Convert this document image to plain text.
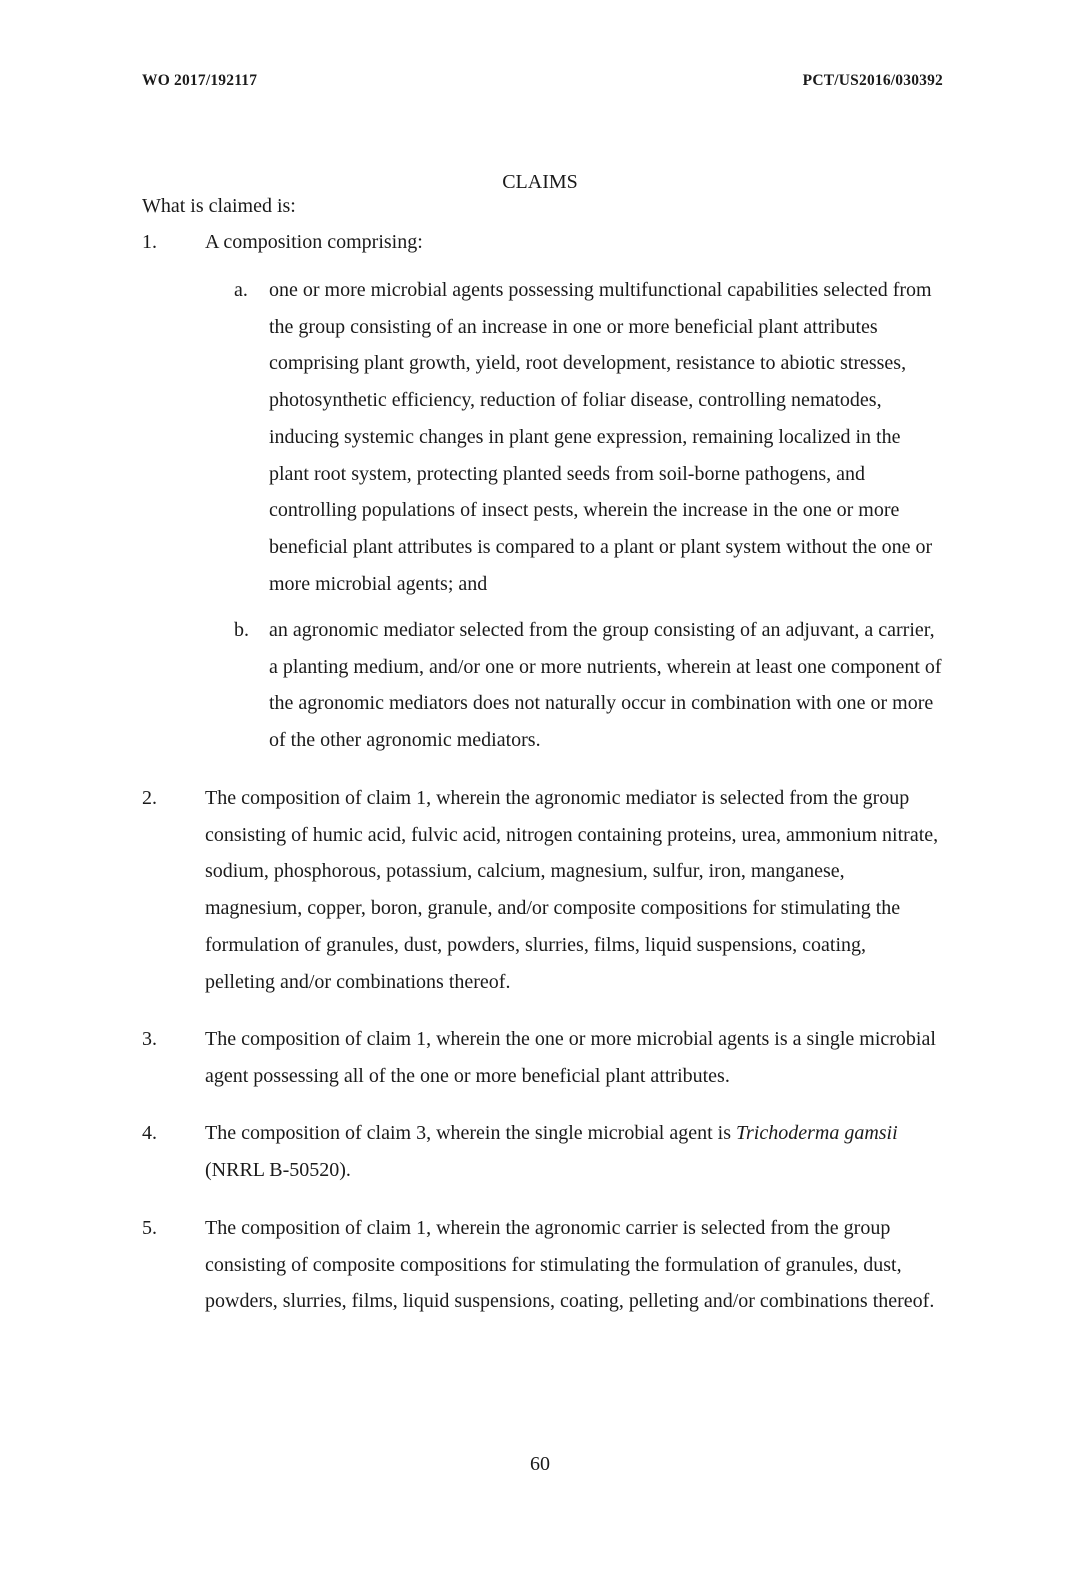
WO 2017/192117	PCT/US2016/030392
CLAIMS
What is claimed is:
1. A composition comprising:
a. one or more microbial agents possessing multifunctional capabilities selected from the group consisting of an increase in one or more beneficial plant attributes comprising plant growth, yield, root development, resistance to abiotic stresses, photosynthetic efficiency, reduction of foliar disease, controlling nematodes, inducing systemic changes in plant gene expression, remaining localized in the plant root system, protecting planted seeds from soil-borne pathogens, and controlling populations of insect pests, wherein the increase in the one or more beneficial plant attributes is compared to a plant or plant system without the one or more microbial agents; and
b. an agronomic mediator selected from the group consisting of an adjuvant, a carrier, a planting medium, and/or one or more nutrients, wherein at least one component of the agronomic mediators does not naturally occur in combination with one or more of the other agronomic mediators.
2. The composition of claim 1, wherein the agronomic mediator is selected from the group consisting of humic acid, fulvic acid, nitrogen containing proteins, urea, ammonium nitrate, sodium, phosphorous, potassium, calcium, magnesium, sulfur, iron, manganese, magnesium, copper, boron, granule, and/or composite compositions for stimulating the formulation of granules, dust, powders, slurries, films, liquid suspensions, coating, pelleting and/or combinations thereof.
3. The composition of claim 1, wherein the one or more microbial agents is a single microbial agent possessing all of the one or more beneficial plant attributes.
4. The composition of claim 3, wherein the single microbial agent is Trichoderma gamsii (NRRL B-50520).
5. The composition of claim 1, wherein the agronomic carrier is selected from the group consisting of composite compositions for stimulating the formulation of granules, dust, powders, slurries, films, liquid suspensions, coating, pelleting and/or combinations thereof.
60
